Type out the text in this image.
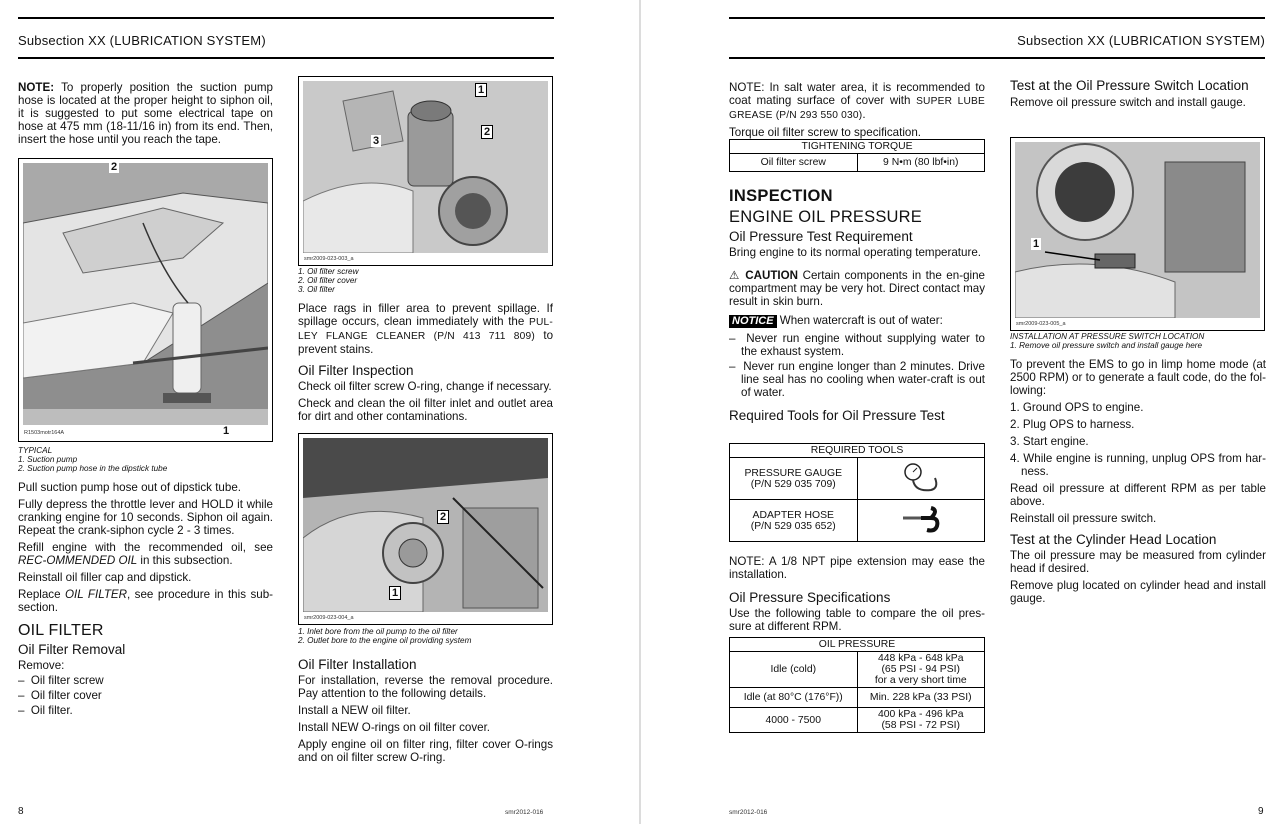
Subsection XX (LUBRICATION SYSTEM)

NOTE: To properly position the suction pump hose is located at the proper height to siphon oil, it is suggested to put some electrical tape on hose at 475 mm (18-11/16 in) from its end. Then, insert the hose until you reach the tape.

2
1
R1503motr164A
TYPICAL
1. Suction pump
2. Suction pump hose in the dipstick tube

Pull suction pump hose out of dipstick tube.

Fully depress the throttle lever and HOLD it while cranking engine for 10 seconds. Siphon oil again. Repeat the crank-siphon cycle 2 - 3 times.

Refill engine with the recommended oil, see REC-OMMENDED OIL in this subsection.

Reinstall oil filler cap and dipstick.

Replace OIL FILTER, see procedure in this sub-section.

OIL FILTER
Oil Filter Removal

Remove:

–  Oil filter screw

–  Oil filter cover

–  Oil filter.

1
2
3
smr2009-023-003_a
1. Oil filter screw
2. Oil filter cover
3. Oil filter

Place rags in filler area to prevent spillage. If spillage occurs, clean immediately with the PUL-LEY FLANGE CLEANER (P/N 413 711 809) to prevent stains.

Oil Filter Inspection

Check oil filter screw O-ring, change if necessary.

Check and clean the oil filter inlet and outlet area for dirt and other contaminations.

2
1
smr2009-023-004_a
1. Inlet bore from the oil pump to the oil filter
2. Outlet bore to the engine oil providing system
Oil Filter Installation

For installation, reverse the removal procedure. Pay attention to the following details.

Install a NEW oil filter.

Install NEW O-rings on oil filter cover.

Apply engine oil on filter ring, filter cover O-rings and on oil filter screw O-ring.

8	smr2012-016
Subsection XX (LUBRICATION SYSTEM)

NOTE: In salt water area, it is recommended to coat mating surface of cover with SUPER LUBE GREASE (P/N 293 550 030).

Torque oil filter screw to specification.

TIGHTENING TORQUE
Oil filter screw	9 N•m (80 lbf•in)
INSPECTION
ENGINE OIL PRESSURE
Oil Pressure Test Requirement

Bring engine to its normal operating temperature.

⚠ CAUTION Certain components in the en-gine compartment may be very hot. Direct contact may result in skin burn.

NOTICE When watercraft is out of water:

–  Never run engine without supplying water to the exhaust system.

–  Never run engine longer than 2 minutes. Drive line seal has no cooling when water-craft is out of water.

Required Tools for Oil Pressure Test
REQUIRED TOOLS	

PRESSURE GAUGE
(P/N 529 035 709)

ADAPTER HOSE
(P/N 529 035 652)

NOTE: A 1/8 NPT pipe extension may ease the installation.

Oil Pressure Specifications

Use the following table to compare the oil pres-sure at different RPM.

OIL PRESSURE	
Idle (cold)	448 kPa - 648 kPa
(65 PSI - 94 PSI)
for a very short time

Idle (at 80°C (176°F))	Min. 228 kPa (33 PSI)
4000 - 7500	400 kPa - 496 kPa
(58 PSI - 72 PSI)
Test at the Oil Pressure Switch Location

Remove oil pressure switch and install gauge.

1
smr2009-023-005_a
INSTALLATION AT PRESSURE SWITCH LOCATION
1. Remove oil pressure switch and install gauge here

To prevent the EMS to go in limp home mode (at 2500 RPM) or to generate a fault code, do the fol-lowing:

1. Ground OPS to engine.

2. Plug OPS to harness.

3. Start engine.

4. While engine is running, unplug OPS from har-ness.

Read oil pressure at different RPM as per table above.

Reinstall oil pressure switch.

Test at the Cylinder Head Location

The oil pressure may be measured from cylinder head if desired.

Remove plug located on cylinder head and install gauge.

smr2012-016	9
